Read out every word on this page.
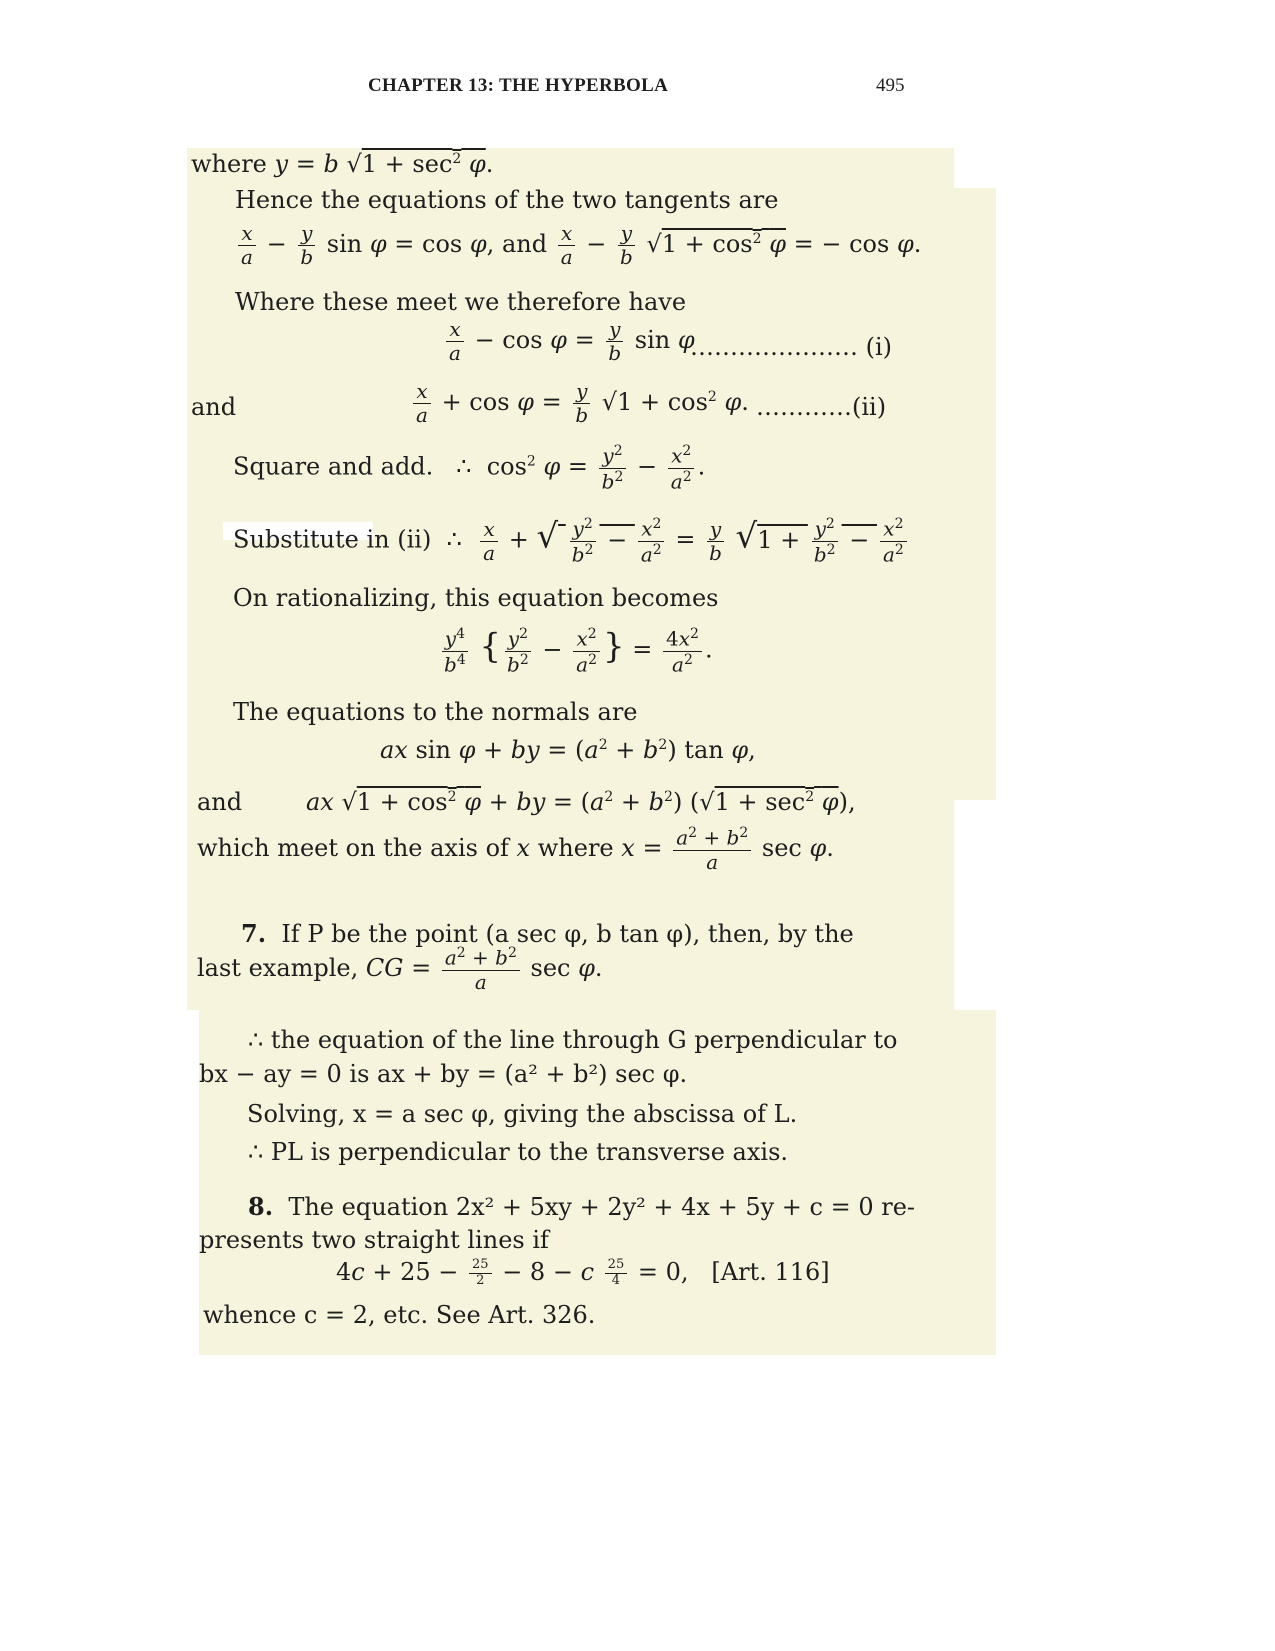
CHAPTER 13: THE HYPERBOLA	495
where y = b $√1 + \sec^2 \varphi$.
Hence the equations of the two tangents are
$\frac{x}{a} - \frac{y}{b}$ sin φ = cos φ, and $\frac{x}{a} - \frac{y}{b} √1 + \cos^2 \varphi$ = − cos φ.
Where these meet we therefore have
$\frac{x}{a} - \cos \varphi = \frac{y}{b}$ sin φ
………………… (i)
and	$\frac{x}{a} + \cos \varphi = \frac{y}{b} √1 + \cos^2 \varphi$. …………(ii)
Square and add.   ∴  $\cos^2 \varphi = \frac{y^2}{b^2} - \frac{x^2}{a^2}$ .
Substitute in (ii)  ∴ $\frac{x}{a}$ + √ $\frac{y^2}{b^2} - \frac{x^2}{a^2} = \frac{y}{b} √1 + \frac{y^2}{b^2} - \frac{x^2}{a^2}$
On rationalizing, this equation becomes
$\frac{y^4}{b^4}$ { $\frac{y^2}{b^2} - \frac{x^2}{a^2}$ } = $\frac{4x^2}{a^2}$ .
The equations to the normals are
ax sin φ + by = $(a^2 + b^2)$ tan φ,
and	ax $√1 + \cos^2 \varphi$ + by = $(a^2 + b^2) (√1 + \sec^2 \varphi)$,
which meet on the axis of x where $x = \frac{a^2 + b^2}{a}$ sec φ.
7. If P be the point (a sec φ, b tan φ), then, by the
last example, CG = $\frac{a^2 + b^2}{a}$ sec φ.
∴ the equation of the line through G perpendicular to
bx − ay = 0 is ax + by = (a² + b²) sec φ.
Solving, x = a sec φ, giving the abscissa of L.
∴ PL is perpendicular to the transverse axis.
8. The equation 2x² + 5xy + 2y² + 4x + 5y + c = 0 re-
presents two straight lines if
$4c + 25 - \frac{25}{2} - 8 - c \frac{25}{4} = 0$,   [Art. 116]
whence c = 2, etc. See Art. 326.
